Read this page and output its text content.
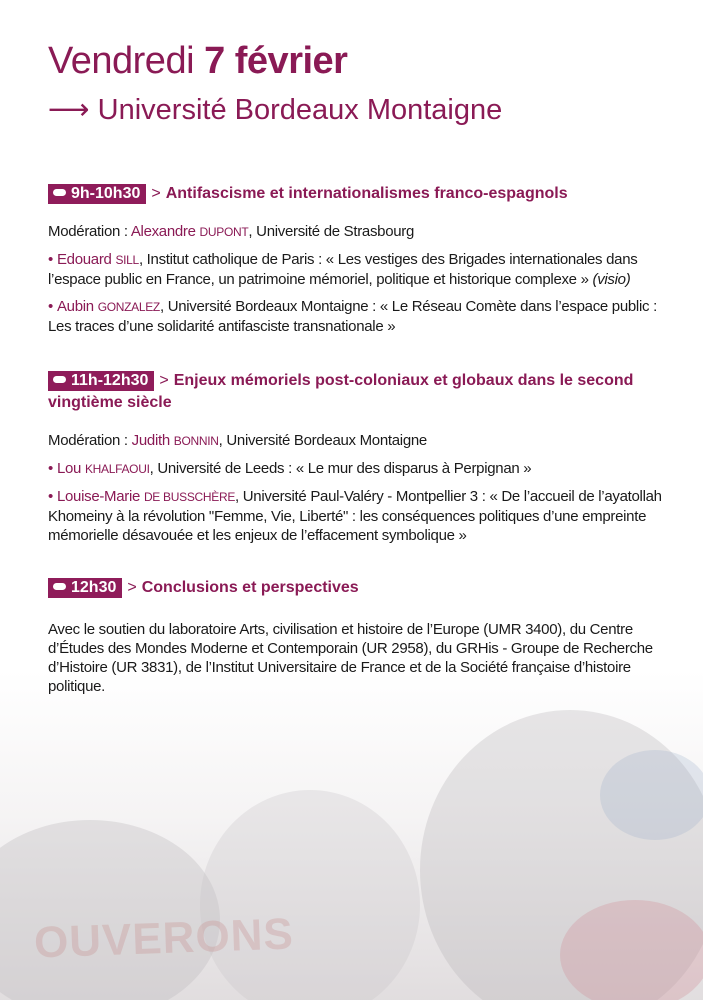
OUVERONS
Vendredi 7 février
⟶ Université Bordeaux Montaigne
9h-10h30 > Antifascisme et internationalismes franco-espagnols
Modération : Alexandre DUPONT, Université de Strasbourg
• Edouard SILL, Institut catholique de Paris : « Les vestiges des Brigades internationales dans l’espace public en France, un patrimoine mémoriel, politique et historique complexe » (visio)
• Aubin GONZALEZ, Université Bordeaux Montaigne : « Le Réseau Comète dans l’espace public : Les traces d’une solidarité antifasciste transnationale »
11h-12h30 > Enjeux mémoriels post-coloniaux et globaux dans le second vingtième siècle
Modération : Judith BONNIN, Université Bordeaux Montaigne
• Lou KHALFAOUI, Université de Leeds : « Le mur des disparus à Perpignan »
• Louise-Marie DE BUSSCHÈRE, Université Paul-Valéry - Montpellier 3 : « De l’accueil de l’ayatollah Khomeiny à la révolution "Femme, Vie, Liberté" : les conséquences politiques d’une empreinte mémorielle désavouée et les enjeux de l’effacement symbolique »
12h30 > Conclusions et perspectives
Avec le soutien du laboratoire Arts, civilisation et histoire de l’Europe (UMR 3400), du Centre d’Études des Mondes Moderne et Contemporain (UR 2958), du GRHis - Groupe de Recherche d’Histoire (UR 3831), de l’Institut Universitaire de France et de la Société française d’histoire politique.
